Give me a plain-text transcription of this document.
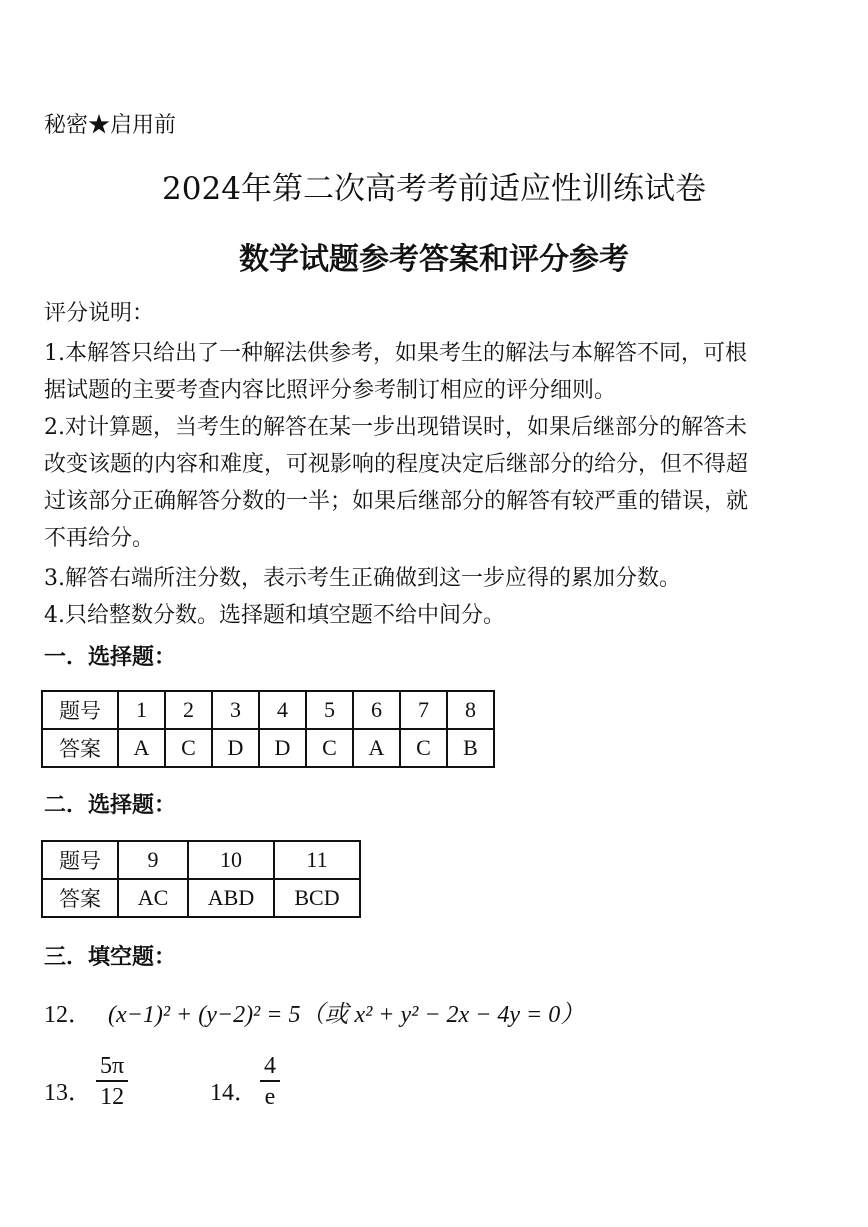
秘密★启用前
2024年第二次高考考前适应性训练试卷
数学试题参考答案和评分参考
评分说明：
1.本解答只给出了一种解法供参考，如果考生的解法与本解答不同，可根
据试题的主要考查内容比照评分参考制订相应的评分细则。
2.对计算题，当考生的解答在某一步出现错误时，如果后继部分的解答未
改变该题的内容和难度，可视影响的程度决定后继部分的给分，但不得超
过该部分正确解答分数的一半；如果后继部分的解答有较严重的错误，就
不再给分。
3.解答右端所注分数，表示考生正确做到这一步应得的累加分数。
4.只给整数分数。选择题和填空题不给中间分。
一．选择题：
题号	1	2	3	4	5	6	7	8
答案	A	C	D	D	C	A	C	B
二．选择题：
题号	9	10	11
答案	AC	ABD	BCD
三．填空题：
12． (x−1)² + (y−2)² = 5（或 x² + y² − 2x − 4y = 0）
13．
5π
12	14．
4
e
